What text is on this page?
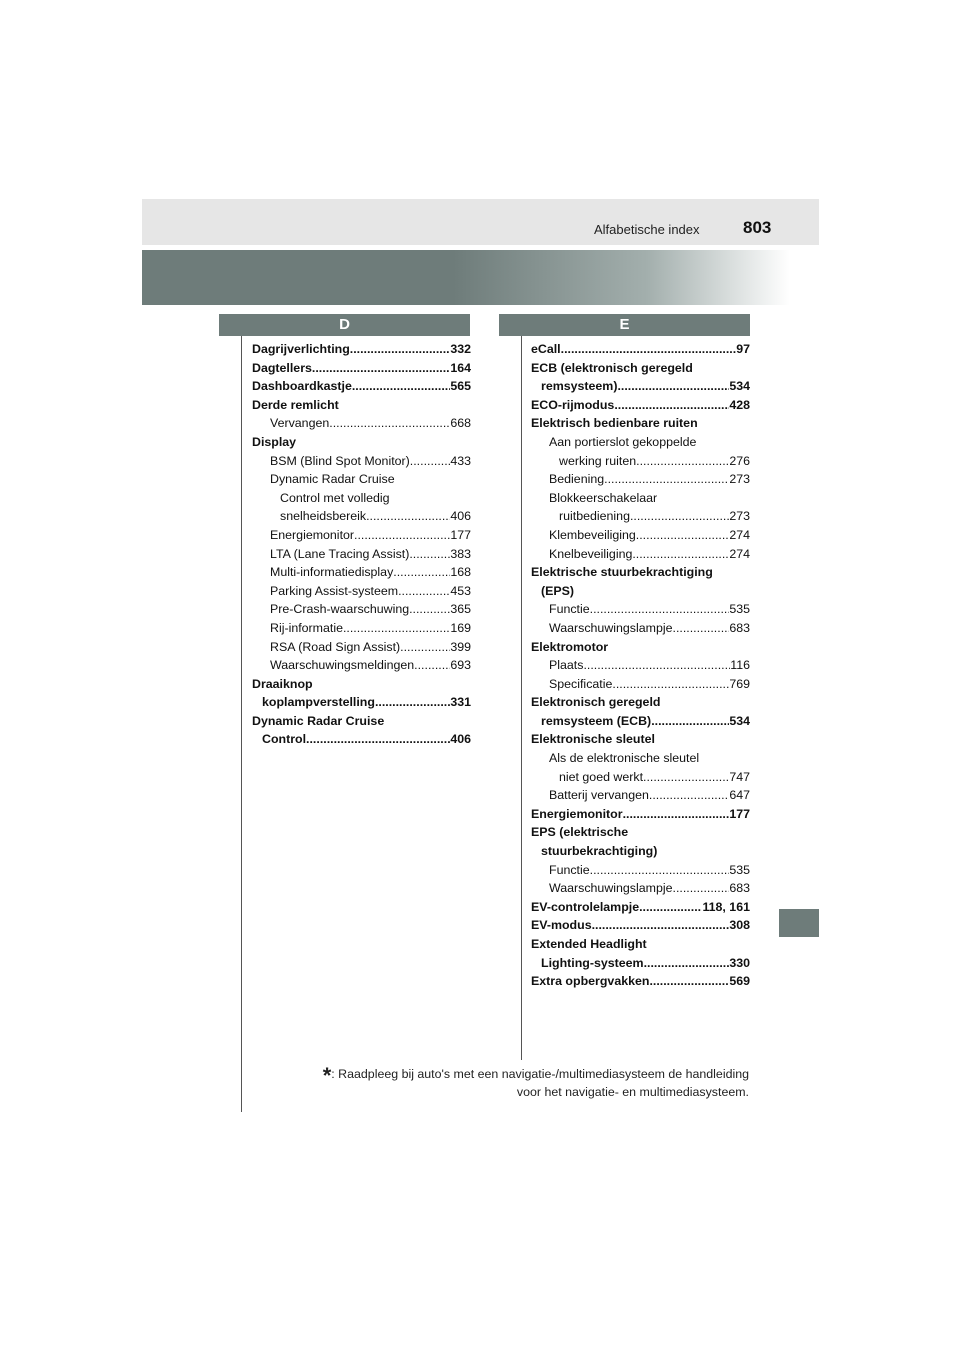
Alfabetische index	803
D	E
Dagrijverlichting .....	332
Dagtellers .....	164
Dashboardkastje .....	565
Derde remlicht
Vervangen .....	668
Display
BSM (Blind Spot Monitor) .....	433
Dynamic Radar Cruise
Control met volledig
snelheidsbereik .....	406
Energiemonitor .....	177
LTA (Lane Tracing Assist) .....	383
Multi-informatiedisplay .....	168
Parking Assist-systeem .....	453
Pre-Crash-waarschuwing .....	365
Rij-informatie .....	169
RSA (Road Sign Assist) .....	399
Waarschuwingsmeldingen .....	693
Draaiknop
koplampverstelling .....	331
Dynamic Radar Cruise
Control .....	406
eCall .....	97
ECB (elektronisch geregeld
remsysteem) .....	534
ECO-rijmodus .....	428
Elektrisch bedienbare ruiten
Aan portierslot gekoppelde
werking ruiten .....	276
Bediening .....	273
Blokkeerschakelaar
ruitbediening .....	273
Klembeveiliging .....	274
Knelbeveiliging .....	274
Elektrische stuurbekrachtiging
(EPS)
Functie .....	535
Waarschuwingslampje .....	683
Elektromotor
Plaats .....	116
Specificatie .....	769
Elektronisch geregeld
remsysteem (ECB) .....	534
Elektronische sleutel
Als de elektronische sleutel
niet goed werkt .....	747
Batterij vervangen .....	647
Energiemonitor .....	177
EPS (elektrische
stuurbekrachtiging)
Functie .....	535
Waarschuwingslampje .....	683
EV-controlelampje .....	118, 161
EV-modus .....	308
Extended Headlight
Lighting-systeem .....	330
Extra opbergvakken .....	569
*: Raadpleeg bij auto's met een navigatie-/multimediasysteem de handleiding
voor het navigatie- en multimediasysteem.
